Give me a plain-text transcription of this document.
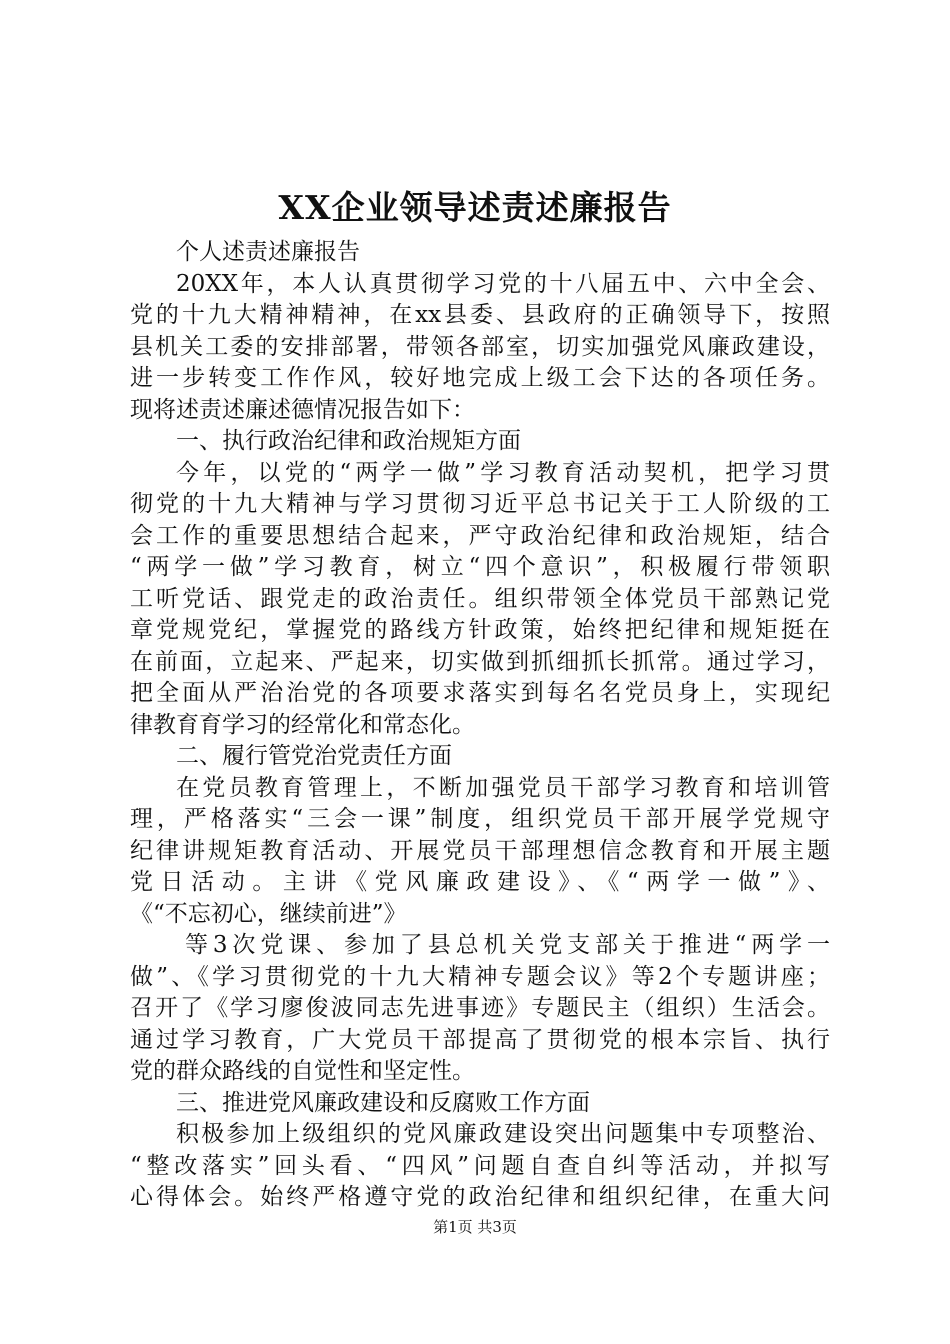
XX企业领导述责述廉报告
个人述责述廉报告
20XX年，本人认真贯彻学习党的十八届五中、六中全会、
党的十九大精神精神，在xx县委、县政府的正确领导下，按照
县机关工委的安排部署，带领各部室，切实加强党风廉政建设，
进一步转变工作作风，较好地完成上级工会下达的各项任务。
现将述责述廉述德情况报告如下：
一、执行政治纪律和政治规矩方面
今年，以党的“两学一做”学习教育活动契机，把学习贯
彻党的十九大精神与学习贯彻习近平总书记关于工人阶级的工
会工作的重要思想结合起来，严守政治纪律和政治规矩，结合
“两学一做”学习教育，树立“四个意识”，积极履行带领职
工听党话、跟党走的政治责任。组织带领全体党员干部熟记党
章党规党纪，掌握党的路线方针政策，始终把纪律和规矩挺在
在前面，立起来、严起来，切实做到抓细抓长抓常。通过学习，
把全面从严治治党的各项要求落实到每名名党员身上，实现纪
律教育育学习的经常化和常态化。
二、履行管党治党责任方面
在党员教育管理上，不断加强党员干部学习教育和培训管
理，严格落实“三会一课”制度，组织党员干部开展学党规守
纪律讲规矩教育活动、开展党员干部理想信念教育和开展主题
党日活动。主讲《党风廉政建设》、《“两学一做”》、
《“不忘初心，继续前进”》
等3次党课、参加了县总机关党支部关于推进“两学一
做”、《学习贯彻党的十九大精神专题会议》等2个专题讲座；
召开了《学习廖俊波同志先进事迹》专题民主（组织）生活会。
通过学习教育，广大党员干部提高了贯彻党的根本宗旨、执行
党的群众路线的自觉性和坚定性。
三、推进党风廉政建设和反腐败工作方面
积极参加上级组织的党风廉政建设突出问题集中专项整治、
“整改落实”回头看、“四风”问题自查自纠等活动，并拟写
心得体会。始终严格遵守党的政治纪律和组织纪律，在重大问
第1页 共3页
